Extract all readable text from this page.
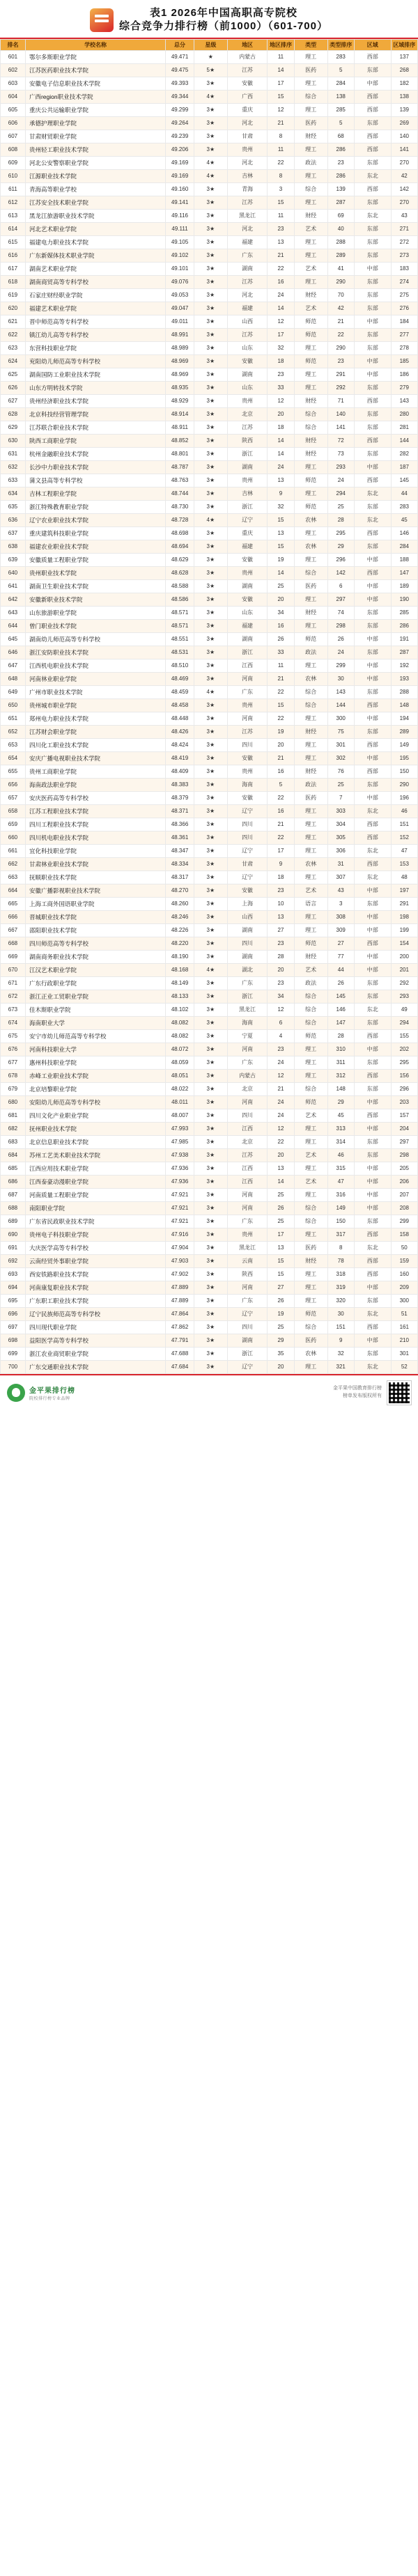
表1 2026年中国高职高专院校
综合竞争力排行榜（前1000）（601-700）
排名	学校名称	总分	星级	地区	地区排序	类型	类型排序	区域	区域排序
601	鄂尔多斯职业学院	49.471	★	内蒙古	11	理工	283	西部	137
602	江苏医药职业技术学院	49.475	5★	江苏	14	医药	5	东部	268
603	安徽电子信息职业技术学院	49.393	3★	安徽	17	理工	284	中部	182
604	广西region职业技术学院	49.344	4★	广西	15	综合	138	西部	138
605	重庆公共运输职业学院	49.299	3★	重庆	12	理工	285	西部	139
606	承德护理职业学院	49.264	3★	河北	21	医药	5	东部	269
607	甘肃财贸职业学院	49.239	3★	甘肃	8	财经	68	西部	140
608	贵州轻工职业技术学院	49.206	3★	贵州	11	理工	286	西部	141
609	河北公安警察职业学院	49.169	4★	河北	22	政法	23	东部	270
610	江源职业技术学院	49.169	4★	吉林	8	理工	286	东北	42
611	青海高等职业学校	49.160	3★	青海	3	综合	139	西部	142
612	江苏安全技术职业学院	49.141	3★	江苏	15	理工	287	东部	270
613	黑龙江旅游职业技术学院	49.116	3★	黑龙江	11	财经	69	东北	43
614	河北艺术职业学院	49.111	3★	河北	23	艺术	40	东部	271
615	福建电力职业技术学院	49.105	3★	福建	13	理工	288	东部	272
616	广东新媒体技术职业学院	49.102	3★	广东	21	理工	289	东部	273
617	湖南艺术职业学院	49.101	3★	湖南	22	艺术	41	中部	183
618	湖南商贸高等专科学校	49.076	3★	江苏	16	理工	290	东部	274
619	石家庄财经职业学院	49.053	3★	河北	24	财经	70	东部	275
620	福建艺术职业学院	49.047	3★	福建	14	艺术	42	东部	276
621	晋中师范高等专科学校	49.011	3★	山西	12	师范	21	中部	184
622	镇江幼儿高等专科学校	48.991	3★	江苏	17	师范	22	东部	277
623	东营科技职业学院	48.989	3★	山东	32	理工	290	东部	278
624	兖阳幼儿师范高等专科学校	48.969	3★	安徽	18	师范	23	中部	185
625	湖南国防工业职业技术学院	48.969	3★	湖南	23	理工	291	中部	186
626	山东方明转技术学院	48.935	3★	山东	33	理工	292	东部	279
627	贵州经济职业技术学院	48.929	3★	贵州	12	财经	71	西部	143
628	北京科技经营管理学院	48.914	3★	北京	20	综合	140	东部	280
629	江苏联合职业技术学院	48.911	3★	江苏	18	综合	141	东部	281
630	陕西工商职业学院	48.852	3★	陕西	14	财经	72	西部	144
631	杭州金融职业技术学院	48.801	3★	浙江	14	财经	73	东部	282
632	长沙中力职业技术学院	48.787	3★	湖南	24	理工	293	中部	187
633	蒲文县高等专科学校	48.763	3★	贵州	13	师范	24	西部	145
634	吉林工程职业学院	48.744	3★	吉林	9	理工	294	东北	44
635	浙江特殊教育职业学院	48.730	3★	浙江	32	师范	25	东部	283
636	辽宁农业职业技术学院	48.728	4★	辽宁	15	农林	28	东北	45
637	重庆建筑科技职业学院	48.698	3★	重庆	13	理工	295	西部	146
638	福建农业职业技术学院	48.694	3★	福建	15	农林	29	东部	284
639	安徽质量工程职业学院	48.629	3★	安徽	19	理工	296	中部	188
640	贵州职业技术学院	48.628	3★	贵州	14	综合	142	西部	147
641	湖南卫生职业技术学院	48.588	3★	湖南	25	医药	6	中部	189
642	安徽新职业技术学院	48.586	3★	安徽	20	理工	297	中部	190
643	山东旅游职业学院	48.571	3★	山东	34	财经	74	东部	285
644	曾门职业技术学院	48.571	3★	福建	16	理工	298	东部	286
645	湖南幼儿师范高等专科学校	48.551	3★	湖南	26	师范	26	中部	191
646	浙江安防职业技术学院	48.531	3★	浙江	33	政法	24	东部	287
647	江西机电职业技术学院	48.510	3★	江西	11	理工	299	中部	192
648	河南林业职业学院	48.469	3★	河南	21	农林	30	中部	193
649	广州市职业技术学院	48.459	4★	广东	22	综合	143	东部	288
650	贵州城市职业学院	48.458	3★	贵州	15	综合	144	西部	148
651	郑州电力职业技术学院	48.448	3★	河南	22	理工	300	中部	194
652	江苏财会职业学院	48.426	3★	江苏	19	财经	75	东部	289
653	四川化工职业技术学院	48.424	3★	四川	20	理工	301	西部	149
654	安庆广播电视职业技术学院	48.419	3★	安徽	21	理工	302	中部	195
655	贵州工商职业学院	48.409	3★	贵州	16	财经	76	西部	150
656	海南政法职业学院	48.383	3★	海南	5	政法	25	东部	290
657	安庆医药高等专科学校	48.379	3★	安徽	22	医药	7	中部	196
658	江苏工程职业技术学院	48.371	3★	辽宁	16	理工	303	东北	46
659	四川工程职业技术学院	48.366	3★	四川	21	理工	304	西部	151
660	四川机电职业技术学院	48.361	3★	四川	22	理工	305	西部	152
661	宜化科技职业学院	48.347	3★	辽宁	17	理工	306	东北	47
662	甘肃林业职业技术学院	48.334	3★	甘肃	9	农林	31	西部	153
663	抚顺职业技术学院	48.317	3★	辽宁	18	理工	307	东北	48
664	安徽广播影视职业技术学院	48.270	3★	安徽	23	艺术	43	中部	197
665	上海工商外国语职业学院	48.260	3★	上海	10	语言	3	东部	291
666	晋城职业技术学院	48.246	3★	山西	13	理工	308	中部	198
667	邵阳职业技术学院	48.226	3★	湖南	27	理工	309	中部	199
668	四川师范高等专科学校	48.220	3★	四川	23	师范	27	西部	154
669	湖南商务职业技术学院	48.190	3★	湖南	28	财经	77	中部	200
670	江汉艺术职业学院	48.168	4★	湖北	20	艺术	44	中部	201
671	广东行政职业学院	48.149	3★	广东	23	政法	26	东部	292
672	浙江正业工贸职业学院	48.133	3★	浙江	34	综合	145	东部	293
673	佳木斯职业学院	48.102	3★	黑龙江	12	综合	146	东北	49
674	海南职业大学	48.082	3★	海南	6	综合	147	东部	294
675	安宁市幼儿师范高等专科学校	48.082	3★	宁夏	4	师范	28	西部	155
676	河南科技职业大学	48.072	3★	河南	23	理工	310	中部	202
677	惠州科技职业学院	48.059	3★	广东	24	理工	311	东部	295
678	赤峰工业职业技术学院	48.051	3★	内蒙古	12	理工	312	西部	156
679	北京培黎职业学院	48.022	3★	北京	21	综合	148	东部	296
680	安阳幼儿师范高等专科学校	48.011	3★	河南	24	师范	29	中部	203
681	四川文化产业职业学院	48.007	3★	四川	24	艺术	45	西部	157
682	抚州职业技术学院	47.993	3★	江西	12	理工	313	中部	204
683	北京信息职业技术学院	47.985	3★	北京	22	理工	314	东部	297
684	苏州工艺美术职业技术学院	47.938	3★	江苏	20	艺术	46	东部	298
685	江西应用技术职业学院	47.936	3★	江西	13	理工	315	中部	205
686	江西泰豪动漫职业学院	47.936	3★	江西	14	艺术	47	中部	206
687	河南质量工程职业学院	47.921	3★	河南	25	理工	316	中部	207
688	南阳职业学院	47.921	3★	河南	26	综合	149	中部	208
689	广东省民政职业技术学院	47.921	3★	广东	25	综合	150	东部	299
690	贵州电子科技职业学院	47.916	3★	贵州	17	理工	317	西部	158
691	大庆医学高等专科学校	47.904	3★	黑龙江	13	医药	8	东北	50
692	云南经贸外事职业学院	47.903	3★	云南	15	财经	78	西部	159
693	西安铁路职业技术学院	47.902	3★	陕西	15	理工	318	西部	160
694	河南康复职业技术学院	47.889	3★	河南	27	理工	319	中部	209
695	广东职工职业技术学院	47.889	3★	广东	26	理工	320	东部	300
696	辽宁民族师范高等专科学校	47.864	3★	辽宁	19	师范	30	东北	51
697	四川现代职业学院	47.862	3★	四川	25	综合	151	西部	161
698	益阳医学高等专科学校	47.791	3★	湖南	29	医药	9	中部	210
699	浙江农业商贸职业学院	47.688	3★	浙江	35	农林	32	东部	301
700	广东交通职业技术学院	47.684	3★	辽宁	20	理工	321	东北	52
金平果排行榜
院校排行榜专业品牌
金平果中国教育排行榜
榜单发布版权所有
